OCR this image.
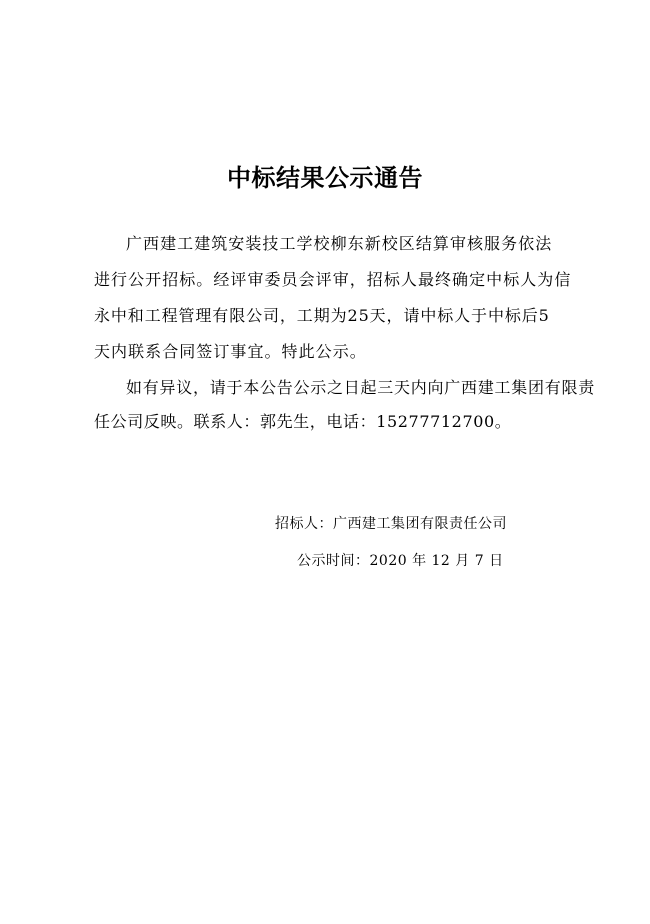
中标结果公示通告
广西建工建筑安装技工学校柳东新校区结算审核服务依法
进行公开招标。经评审委员会评审，招标人最终确定中标人为信
永中和工程管理有限公司，工期为25天，请中标人于中标后5
天内联系合同签订事宜。特此公示。
如有异议，请于本公告公示之日起三天内向广西建工集团有限责
任公司反映。联系人：郭先生，电话：15277712700。
招标人：广西建工集团有限责任公司
公示时间：2020 年 12 月 7 日
